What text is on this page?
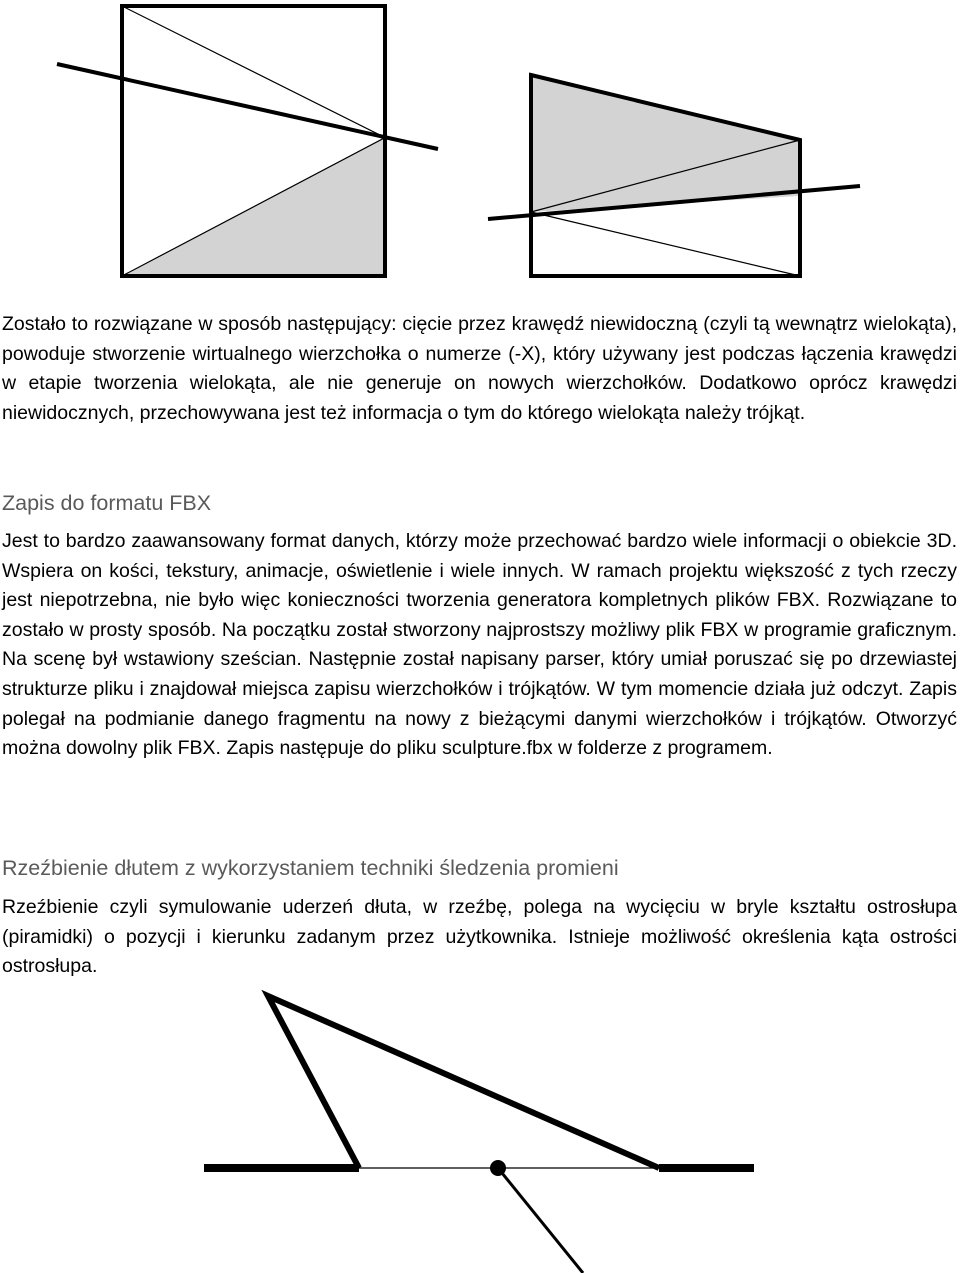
Zostało to rozwiązane w sposób następujący: cięcie przez krawędź niewidoczną (czyli tą wewnątrz wielokąta), powoduje stworzenie wirtualnego wierzchołka o numerze (-X), który używany jest podczas łączenia krawędzi w etapie tworzenia wielokąta, ale nie generuje on nowych wierzchołków. Dodatkowo oprócz krawędzi niewidocznych, przechowywana jest też informacja o tym do którego wielokąta należy trójkąt.

Zapis do formatu FBX

Jest to bardzo zaawansowany format danych, którzy może przechować bardzo wiele informacji o obiekcie 3D. Wspiera on kości, tekstury, animacje, oświetlenie i wiele innych. W ramach projektu większość z tych rzeczy jest niepotrzebna, nie było więc konieczności tworzenia generatora kompletnych plików FBX. Rozwiązane to zostało w prosty sposób. Na początku został stworzony najprostszy możliwy plik FBX w programie graficznym. Na scenę był wstawiony sześcian. Następnie został napisany parser, który umiał poruszać się po drzewiastej strukturze pliku i znajdował miejsca zapisu wierzchołków i trójkątów. W tym momencie działa już odczyt. Zapis polegał na podmianie danego fragmentu na nowy z bieżącymi danymi wierzchołków i trójkątów. Otworzyć można dowolny plik FBX. Zapis następuje do pliku sculpture.fbx w folderze z programem.

Rzeźbienie dłutem z wykorzystaniem techniki śledzenia promieni

Rzeźbienie czyli symulowanie uderzeń dłuta, w rzeźbę, polega na wycięciu w bryle kształtu ostrosłupa (piramidki) o pozycji i kierunku zadanym przez użytkownika. Istnieje możliwość określenia kąta ostrości ostrosłupa.
